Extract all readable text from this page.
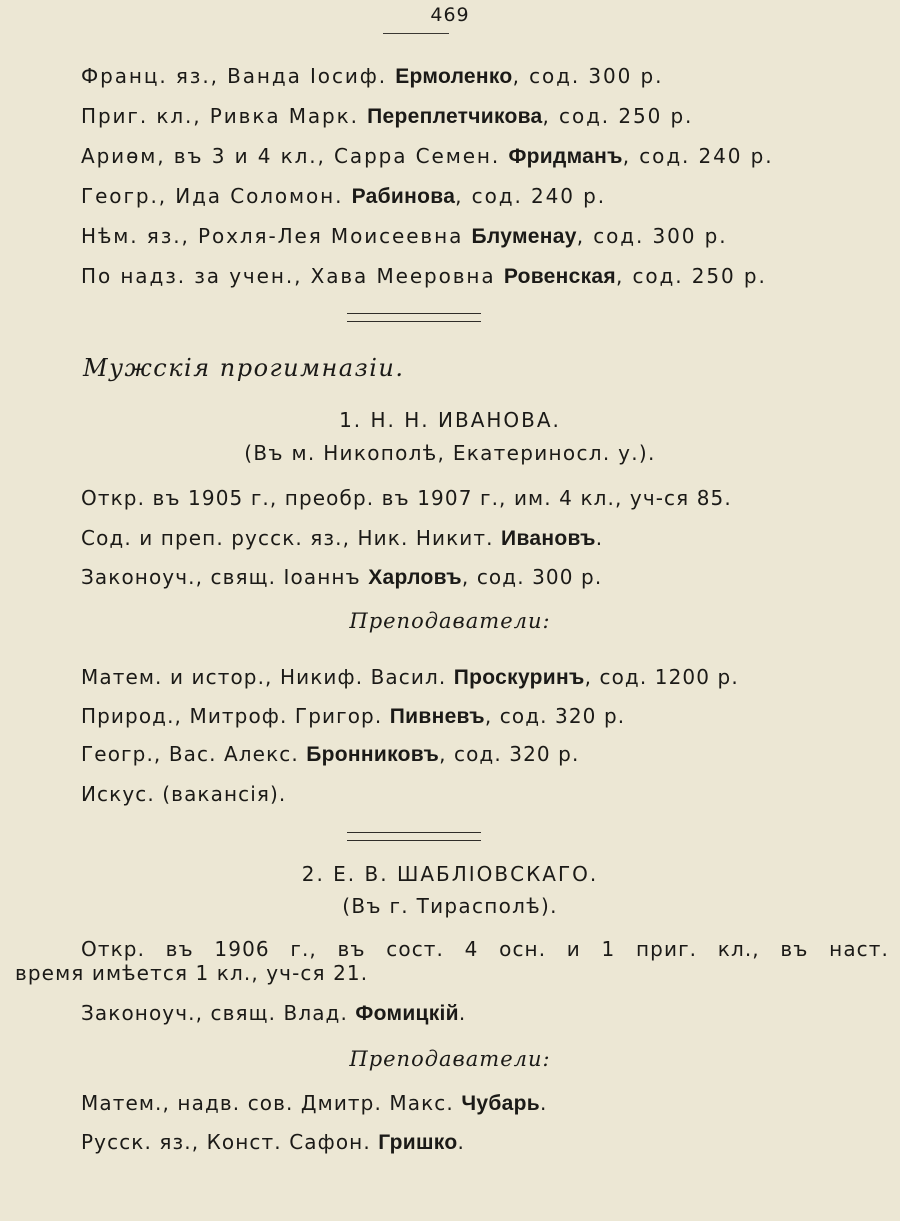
469
Франц. яз., Ванда Іосиф. Ермоленко, сод. 300 р.
Приг. кл., Ривка Марк. Переплетчикова, сод. 250 р.
Ариѳм, въ 3 и 4 кл., Сарра Семен. Фридманъ, сод. 240 р.
Геогр., Ида Соломон. Рабинова, сод. 240 р.
Нѣм. яз., Рохля-Лея Моисеевна Блуменау, сод. 300 р.
По надз. за учен., Хава Мееровна Ровенская, сод. 250 р.
Мужскія прогимназіи.
1. Н. Н. ИВАНОВА.
(Въ м. Никополѣ, Екатериносл. у.).
Откр. въ 1905 г., преобр. въ 1907 г., им. 4 кл., уч-ся 85.
Сод. и преп. русск. яз., Ник. Никит. Ивановъ.
Законоуч., свящ. Іоаннъ Харловъ, сод. 300 р.
Преподаватели:
Матем. и истор., Никиф. Васил. Проскуринъ, сод. 1200 р.
Природ., Митроф. Григор. Пивневъ, сод. 320 р.
Геогр., Вас. Алекс. Бронниковъ, сод. 320 р.
Искус. (вакансія).
2. Е. В. ШАБЛІОВСКАГО.
(Въ г. Тирасполѣ).
Откр. въ 1906 г., въ сост. 4 осн. и 1 приг. кл., въ наст.
время имѣется 1 кл., уч-ся 21.
Законоуч., свящ. Влад. Фомицкій.
Преподаватели:
Матем., надв. сов. Дмитр. Макс. Чубарь.
Русск. яз., Конст. Сафон. Гришко.
